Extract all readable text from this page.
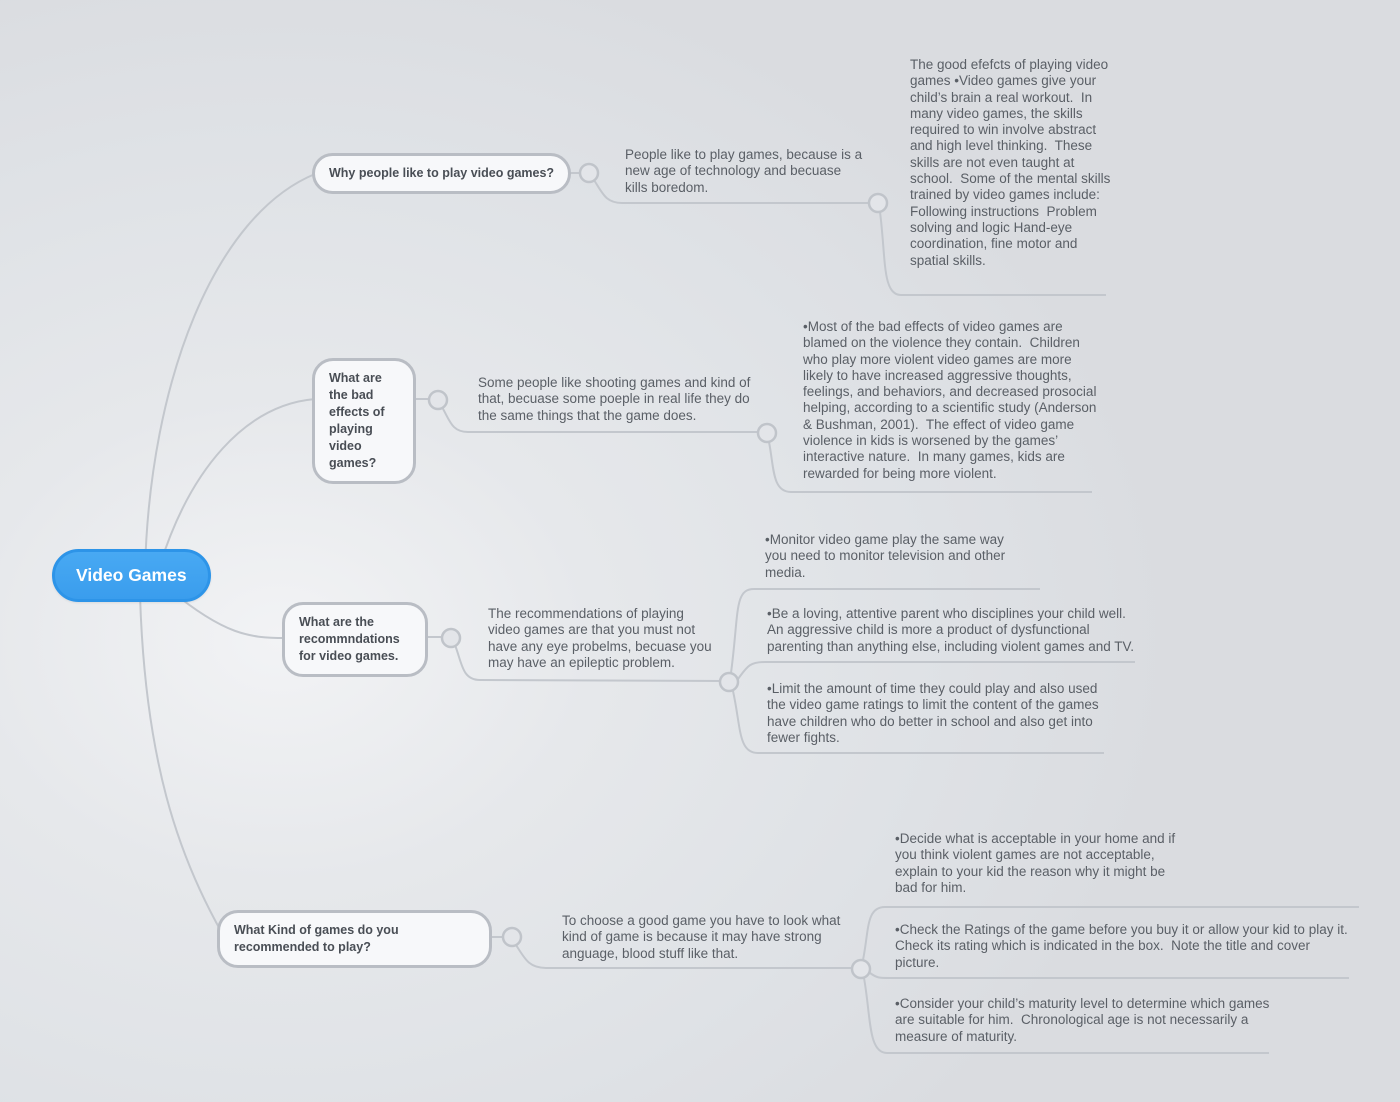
Video Games
Why people like to play video games?
People like to play games, because is a new age of technology and becuase kills boredom.
The good efefcts of playing video games •Video games give your child’s brain a real workout.  In many video games, the skills required to win involve abstract and high level thinking.  These skills are not even taught at school.  Some of the mental skills trained by video games include: Following instructions  Problem solving and logic Hand-eye coordination, fine motor and spatial skills.
What are the bad effects of playing video games?
Some people like shooting games and kind of that, becuase some poeple in real life they do the same things that the game does.
•Most of the bad effects of video games are blamed on the violence they contain.  Children who play more violent video games are more likely to have increased aggressive thoughts, feelings, and behaviors, and decreased prosocial helping, according to a scientific study (Anderson & Bushman, 2001).  The effect of video game violence in kids is worsened by the games’ interactive nature.  In many games, kids are rewarded for being more violent.
What are the recommndations for video games.
The recommendations of playing video games are that you must not have any eye probelms, becuase you may have an epileptic problem.
•Monitor video game play the same way you need to monitor television and other media.
•Be a loving, attentive parent who disciplines your child well. An aggressive child is more a product of dysfunctional parenting than anything else, including violent games and TV.
•Limit the amount of time they could play and also used the video game ratings to limit the content of the games have children who do better in school and also get into fewer fights.
What Kind of games do you recommended to play?
To choose a good game you have to look what kind of game is because it may have strong anguage, blood stuff like that.
•Decide what is acceptable in your home and if you think violent games are not acceptable, explain to your kid the reason why it might be bad for him.
•Check the Ratings of the game before you buy it or allow your kid to play it. Check its rating which is indicated in the box.  Note the title and cover picture.
•Consider your child’s maturity level to determine which games are suitable for him.  Chronological age is not necessarily a measure of maturity.
